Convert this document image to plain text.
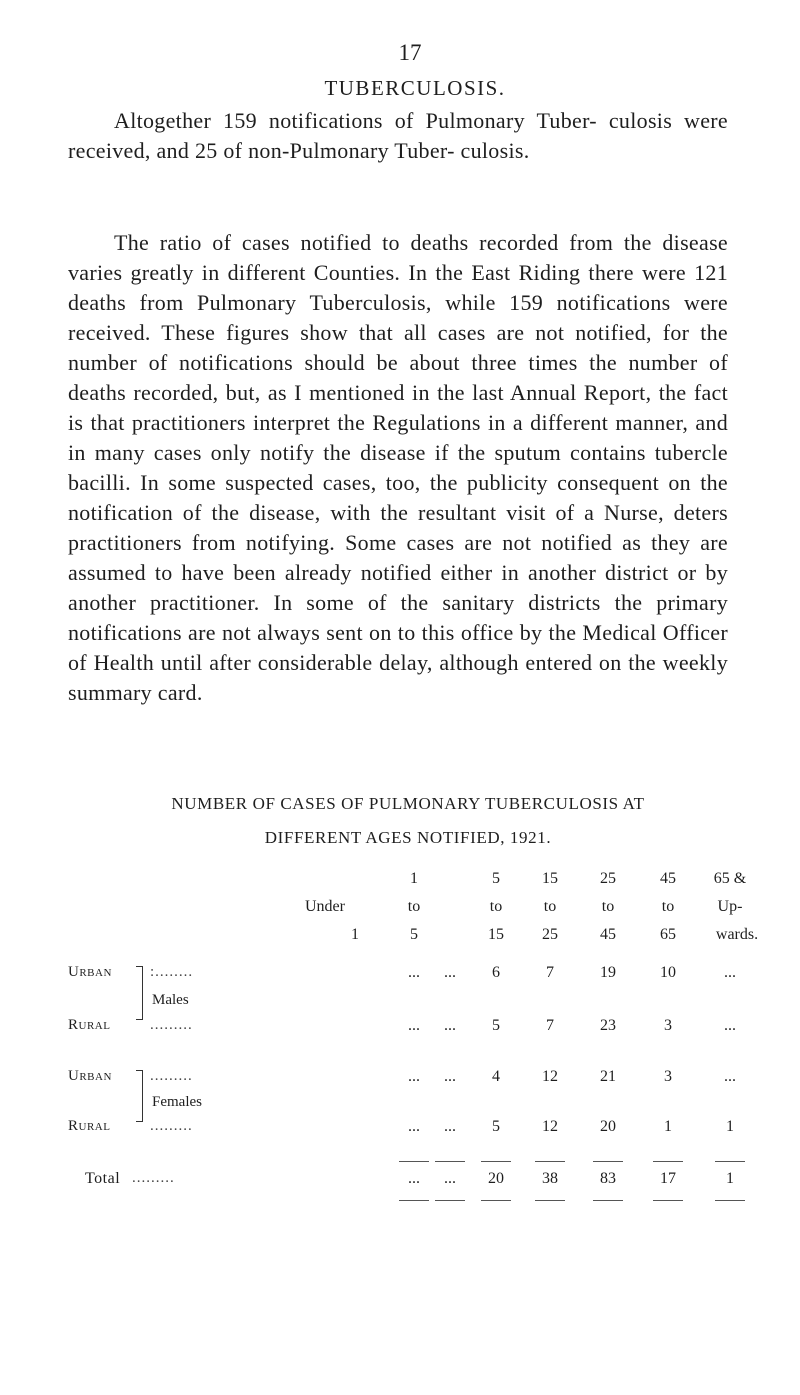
17
TUBERCULOSIS.

Altogether 159 notifications of Pulmonary Tuber- culosis were received, and 25 of non-Pulmonary Tuber- culosis.

The ratio of cases notified to deaths recorded from the disease varies greatly in different Counties. In the East Riding there were 121 deaths from Pulmonary Tuberculosis, while 159 notifications were received. These figures show that all cases are not notified, for the number of notifications should be about three times the number of deaths recorded, but, as I mentioned in the last Annual Report, the fact is that practitioners interpret the Regulations in a different manner, and in many cases only notify the disease if the sputum contains tubercle bacilli. In some suspected cases, too, the publicity consequent on the notification of the disease, with the resultant visit of a Nurse, deters practitioners from notifying. Some cases are not notified as they are assumed to have been already notified either in another district or by another practitioner. In some of the sanitary districts the primary notifications are not always sent on to this office by the Medical Officer of Health until after considerable delay, although entered on the weekly summary card.

NUMBER OF CASES OF PULMONARY TUBERCULOSIS AT
DIFFERENT AGES NOTIFIED, 1921.
1	5	15	25	45	65 &
Under	to	to	to	to	to	Up-
1	5	15	25	45	65	wards.
Males
Females
Urban	:........	...	...	6	7	19	10	...
Rural	.........	...	...	5	7	23	3	...
Urban	.........	...	...	4	12	21	3	...
Rural	.........	...	...	5	12	20	1	1
Total .........	...	...	20	38	83	17	1
